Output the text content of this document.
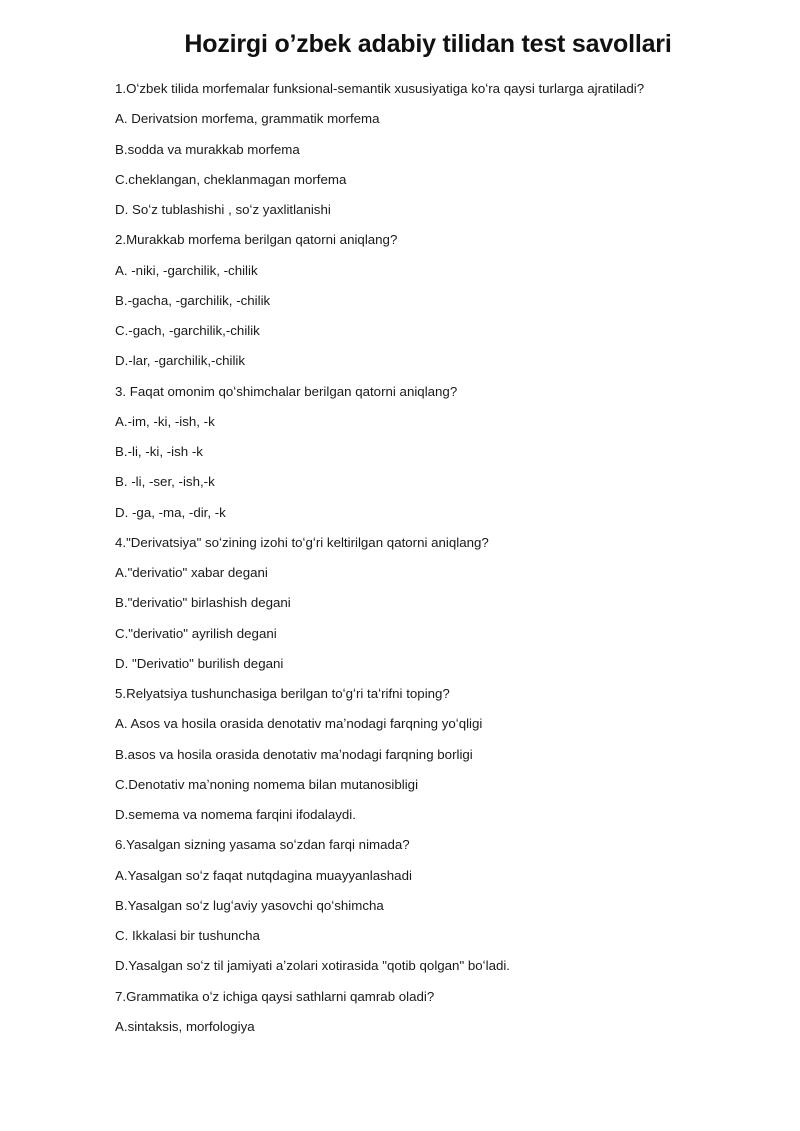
Hozirgi o’zbek adabiy tilidan test savollari
1.Oʻzbek tilida morfemalar funksional-semantik xususiyatiga koʻra qaysi turlarga ajratiladi?
A. Derivatsion morfema, grammatik morfema
B.sodda va murakkab morfema
C.cheklangan, cheklanmagan morfema
D. Soʻz tublashishi , soʻz yaxlitlanishi
2.Murakkab morfema berilgan qatorni aniqlang?
A. -niki, -garchilik, -chilik
B.-gacha, -garchilik, -chilik
C.-gach, -garchilik,-chilik
D.-lar, -garchilik,-chilik
3. Faqat omonim qoʻshimchalar berilgan qatorni aniqlang?
A.-im, -ki, -ish, -k
B.-li, -ki, -ish -k
B. -li, -ser, -ish,-k
D. -ga, -ma, -dir, -k
4."Derivatsiya" soʻzining izohi toʻgʻri keltirilgan qatorni aniqlang?
A."derivatio" xabar degani
B."derivatio" birlashish degani
C."derivatio" ayrilish degani
D. "Derivatio" burilish degani
5.Relyatsiya tushunchasiga berilgan toʻgʻri taʻrifni toping?
A. Asos va hosila orasida denotativ maʼnodagi farqning yoʻqligi
B.asos va hosila orasida denotativ maʼnodagi farqning borligi
C.Denotativ maʼnoning nomema bilan mutanosibligi
D.semema va nomema farqini ifodalaydi.
6.Yasalgan sizning yasama soʻzdan farqi nimada?
A.Yasalgan soʻz faqat nutqdagina muayyanlashadi
B.Yasalgan soʻz lugʻaviy yasovchi qoʻshimcha
C. Ikkalasi bir tushuncha
D.Yasalgan soʻz til jamiyati aʼzolari xotirasida "qotib qolgan" boʻladi.
7.Grammatika oʻz ichiga qaysi sathlarni qamrab oladi?
A.sintaksis, morfologiya
